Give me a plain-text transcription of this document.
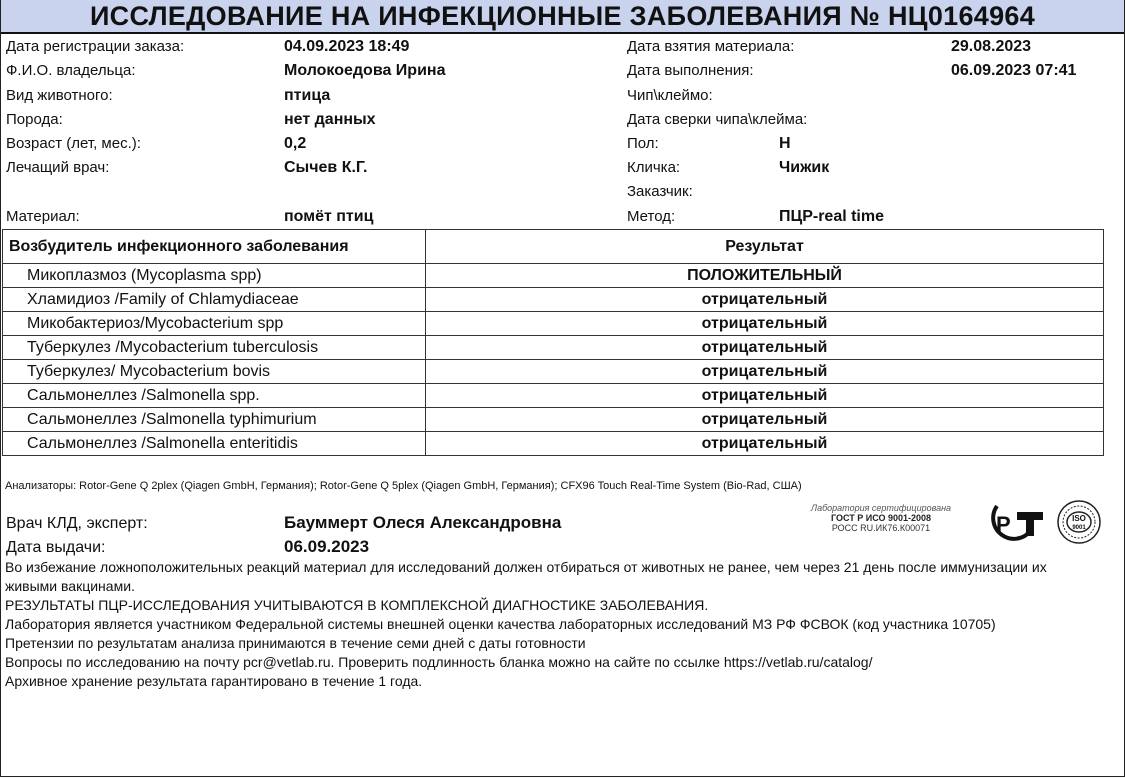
ИССЛЕДОВАНИЕ НА ИНФЕКЦИОННЫЕ ЗАБОЛЕВАНИЯ № НЦ0164964
Дата регистрации заказа:	04.09.2023 18:49
Ф.И.О. владельца:	Молокоедова Ирина
Вид животного:	птица
Порода:	нет данных
Возраст (лет, мес.):	0,2
Лечащий врач:	Сычев К.Г.
Материал:	помёт птиц
Дата взятия материала:	29.08.2023
Дата выполнения:	06.09.2023 07:41
Чип\клеймо:
Дата сверки чипа\клейма:
Пол:	Н
Кличка:	Чижик
Заказчик:
Метод:	ПЦР-real time
Возбудитель инфекционного заболевания	Результат
Микоплазмоз (Mycoplasma spp)	ПОЛОЖИТЕЛЬНЫЙ
Хламидиоз /Family of Chlamydiaceae	отрицательный
Микобактериоз/Mycobacterium spp	отрицательный
Туберкулез /Mycobacterium tuberculosis	отрицательный
Туберкулез/ Mycobacterium bovis	отрицательный
Сальмонеллез /Salmonella spp.	отрицательный
Сальмонеллез /Salmonella typhimurium	отрицательный
Сальмонеллез /Salmonella enteritidis	отрицательный
Анализаторы: Rotor-Gene Q 2plex (Qiagen GmbH, Германия); Rotor-Gene Q 5plex (Qiagen GmbH, Германия); CFX96 Touch Real-Time System (Bio-Rad, США)
Врач КЛД, эксперт:	Бауммерт Олеся Александровна
Дата выдачи:	06.09.2023
Лаборатория сертифицирована
ГОСТ Р ИСО 9001-2008
РОСС RU.ИК76.К00071	Р	ISO
9001
Во избежание ложноположительных реакций материал для исследований должен отбираться от животных не ранее, чем через 21 день после иммунизации их живыми вакцинами.
РЕЗУЛЬТАТЫ ПЦР-ИССЛЕДОВАНИЯ УЧИТЫВАЮТСЯ В КОМПЛЕКСНОЙ ДИАГНОСТИКЕ ЗАБОЛЕВАНИЯ.
Лаборатория является участником Федеральной системы внешней оценки качества лабораторных исследований МЗ РФ ФСВОК (код участника 10705)
Претензии по результатам анализа принимаются в течение семи дней с даты готовности
Вопросы по исследованию на почту pcr@vetlab.ru. Проверить подлинность бланка можно на сайте по ссылке https://vetlab.ru/catalog/
Архивное хранение результата гарантировано в течение 1 года.
